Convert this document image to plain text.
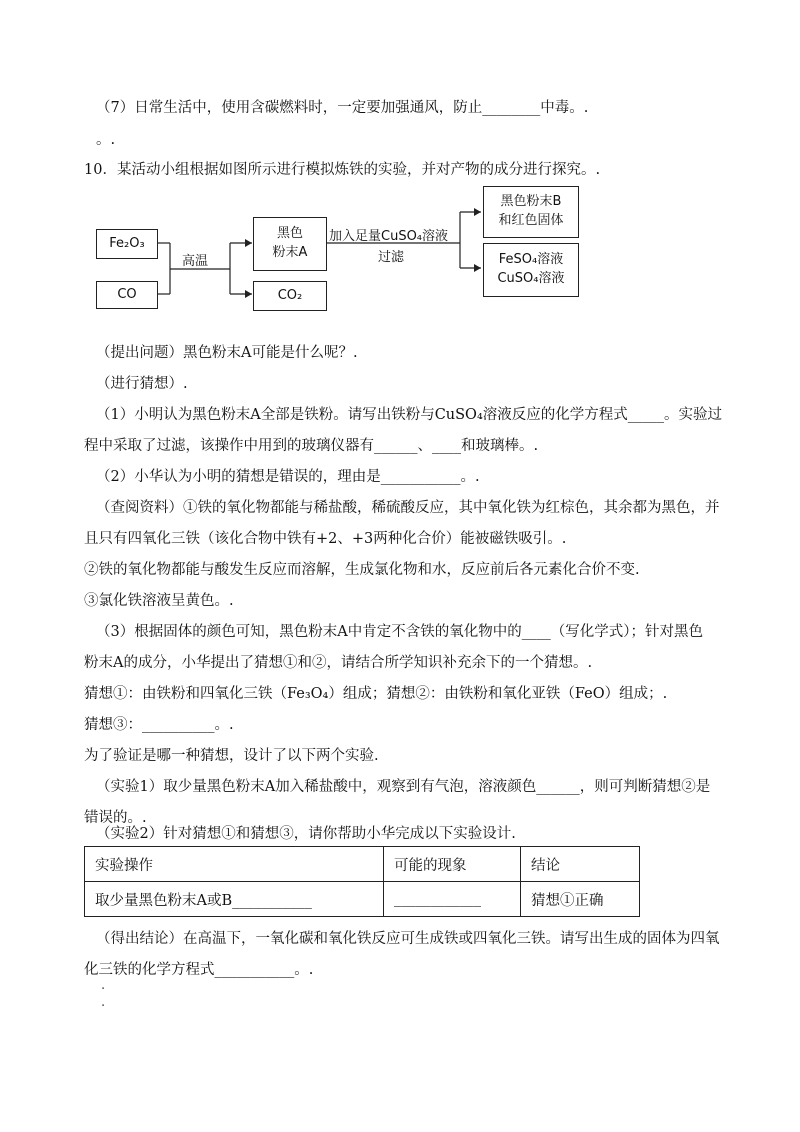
（7）日常生活中，使用含碳燃料时，一定要加强通风，防止________中毒。.
。.
10．某活动小组根据如图所示进行模拟炼铁的实验，并对产物的成分进行探究。.
Fe₂O₃
CO
高温
黑色
粉末A
CO₂
加入足量CuSO₄溶液
过滤
黑色粉末B
和红色固体
FeSO₄溶液
CuSO₄溶液
（提出问题）黑色粉末A可能是什么呢？.
（进行猜想）.
（1）小明认为黑色粉末A全部是铁粉。请写出铁粉与CuSO₄溶液反应的化学方程式_____。实验过
程中采取了过滤，该操作中用到的玻璃仪器有______、____和玻璃棒。.
（2）小华认为小明的猜想是错误的，理由是___________。.
（查阅资料）①铁的氧化物都能与稀盐酸，稀硫酸反应，其中氧化铁为红棕色，其余都为黑色，并
且只有四氧化三铁（该化合物中铁有+2、+3两种化合价）能被磁铁吸引。.
②铁的氧化物都能与酸发生反应而溶解，生成氯化物和水，反应前后各元素化合价不变.
③氯化铁溶液呈黄色。.
（3）根据固体的颜色可知，黑色粉末A中肯定不含铁的氧化物中的____（写化学式）；针对黑色
粉末A的成分，小华提出了猜想①和②，请结合所学知识补充余下的一个猜想。.
猜想①：由铁粉和四氧化三铁（Fe₃O₄）组成；猜想②：由铁粉和氧化亚铁（FeO）组成；.
猜想③：__________。.
为了验证是哪一种猜想，设计了以下两个实验.
（实验1）取少量黑色粉末A加入稀盐酸中，观察到有气泡，溶液颜色______，则可判断猜想②是
错误的。.
（实验2）针对猜想①和猜想③，请你帮助小华完成以下实验设计.
实验操作	可能的现象	结论
取少量黑色粉末A或B___________	____________	猜想①正确
（得出结论）在高温下，一氧化碳和氧化铁反应可生成铁或四氧化三铁。请写出生成的固体为四氧
化三铁的化学方程式___________。.
.
.
